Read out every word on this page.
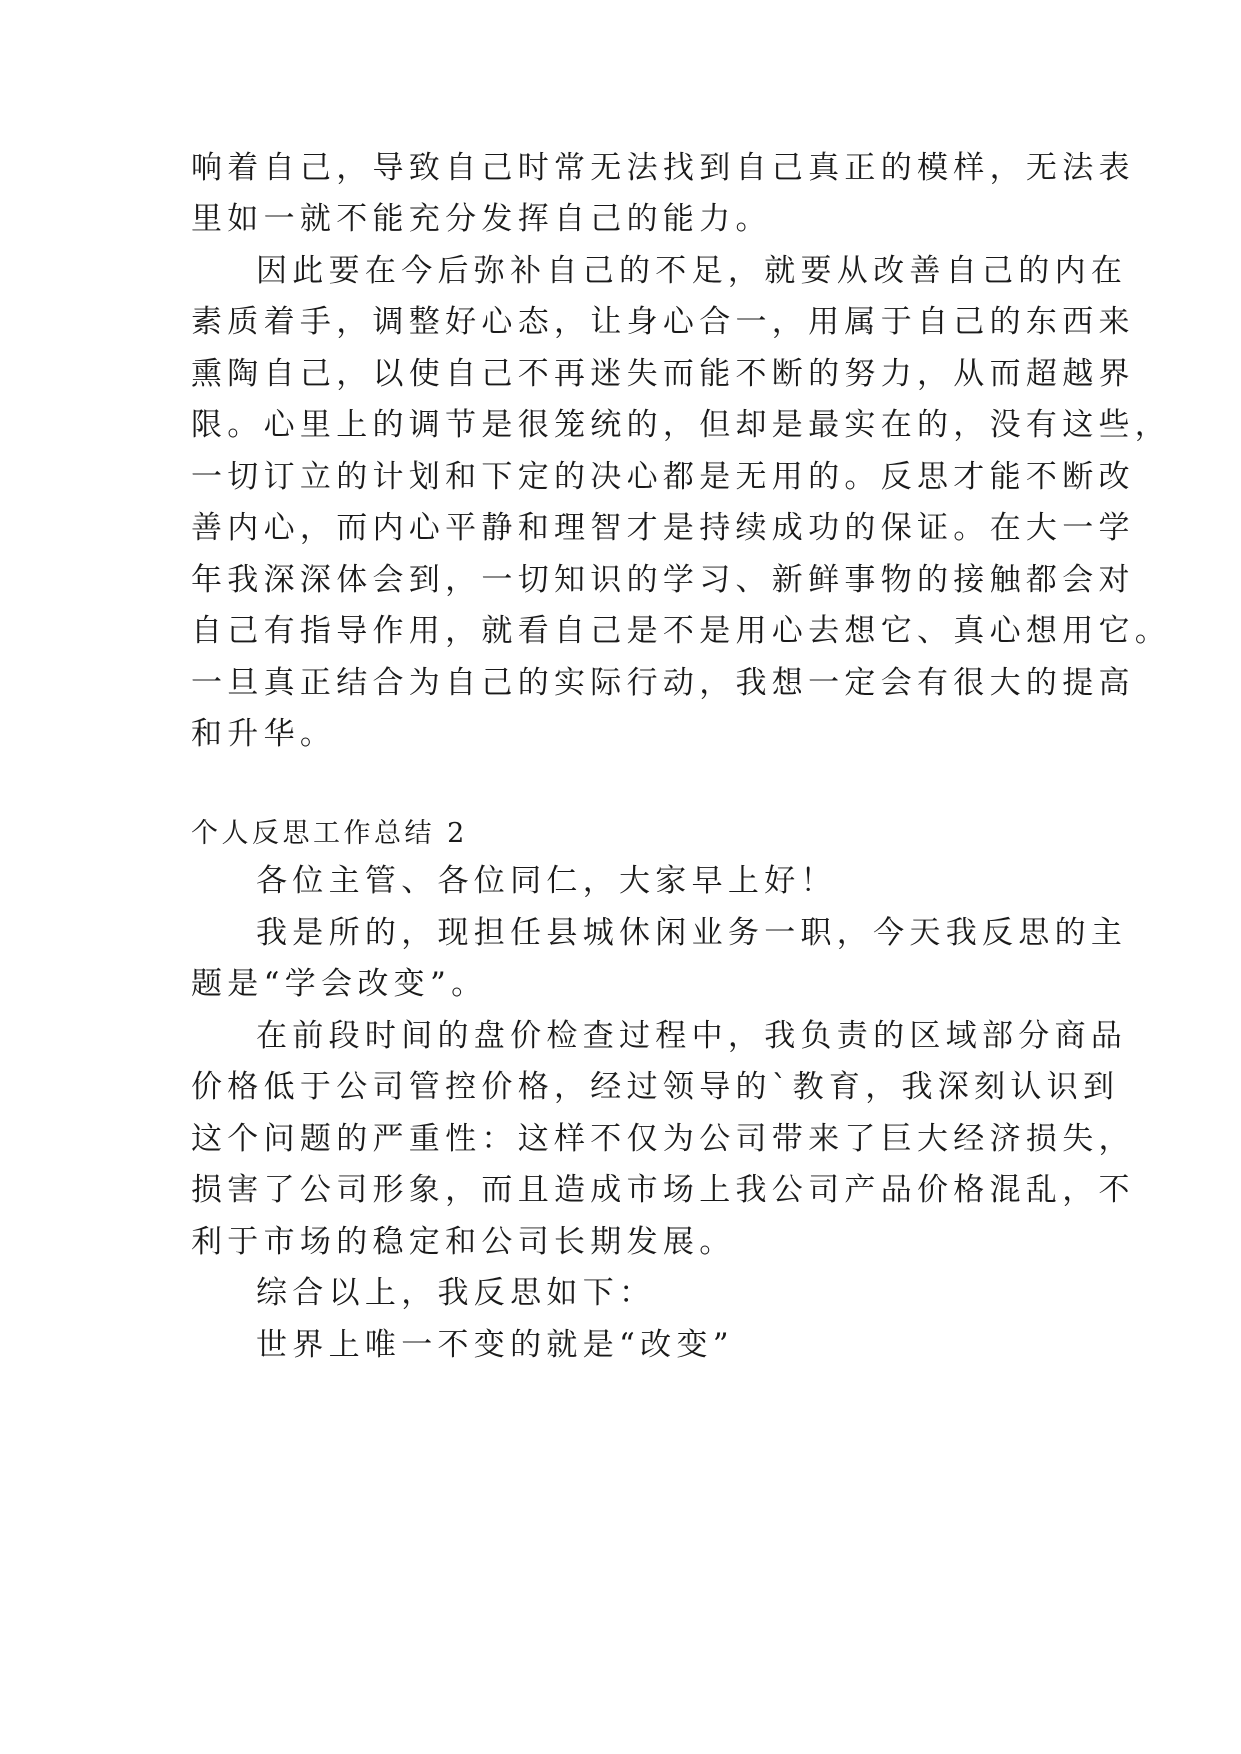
响着自己，导致自己时常无法找到自己真正的模样，无法表
里如一就不能充分发挥自己的能力。
因此要在今后弥补自己的不足，就要从改善自己的内在
素质着手，调整好心态，让身心合一，用属于自己的东西来
熏陶自己，以使自己不再迷失而能不断的努力，从而超越界
限。心里上的调节是很笼统的，但却是最实在的，没有这些，
一切订立的计划和下定的决心都是无用的。反思才能不断改
善内心，而内心平静和理智才是持续成功的保证。在大一学
年我深深体会到，一切知识的学习、新鲜事物的接触都会对
自己有指导作用，就看自己是不是用心去想它、真心想用它。
一旦真正结合为自己的实际行动，我想一定会有很大的提高
和升华。
个人反思工作总结 2
各位主管、各位同仁，大家早上好！
我是所的，现担任县城休闲业务一职，今天我反思的主
题是“学会改变”。
在前段时间的盘价检查过程中，我负责的区域部分商品
价格低于公司管控价格，经过领导的`教育，我深刻认识到
这个问题的严重性：这样不仅为公司带来了巨大经济损失，
损害了公司形象，而且造成市场上我公司产品价格混乱，不
利于市场的稳定和公司长期发展。
综合以上，我反思如下：
世界上唯一不变的就是“改变”
